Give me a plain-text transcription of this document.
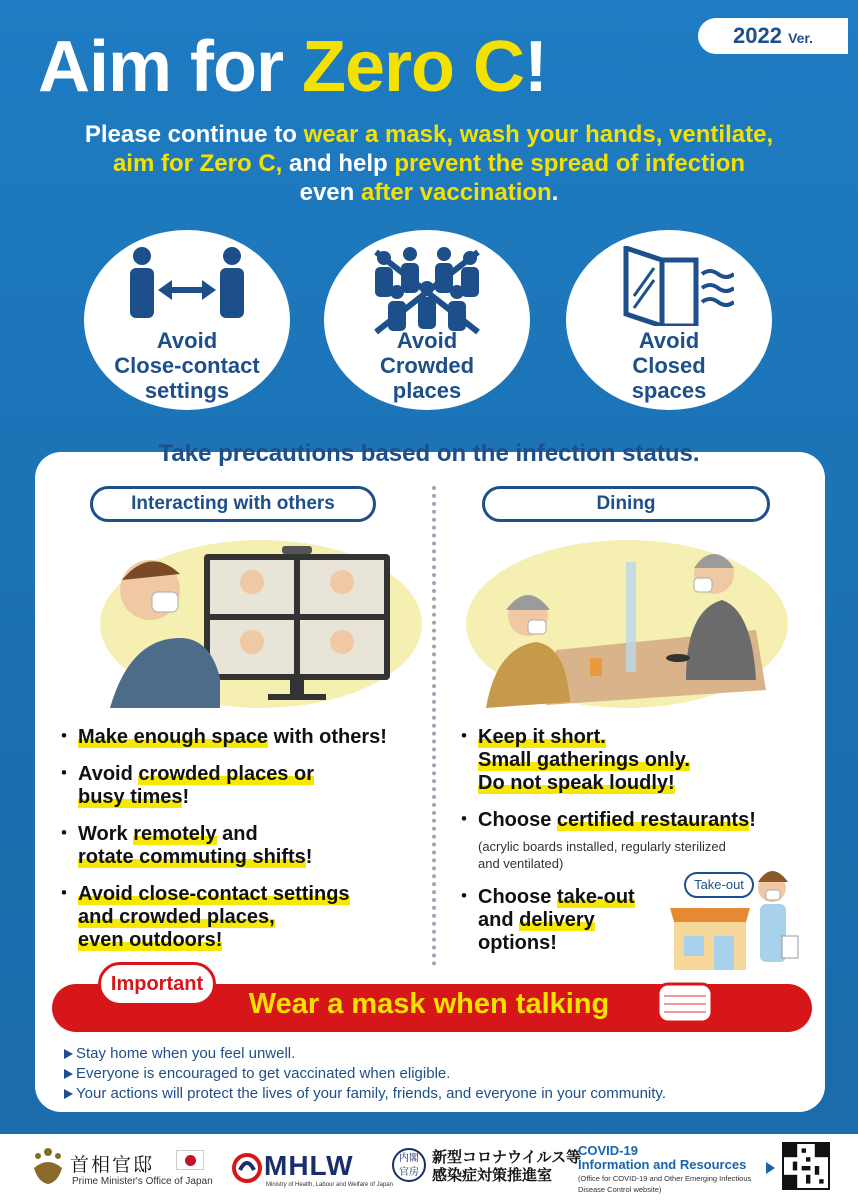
2022 Ver.
Aim for Zero C!
Please continue to wear a mask, wash your hands, ventilate,
aim for Zero C, and help prevent the spread of infection
even after vaccination.
Avoid
Close-contact
settings
Avoid
Crowded
places
Avoid
Closed
spaces
Take precautions based on the infection status.
Interacting with others	Dining
・ Make enough space with others!
・ Avoid crowded places or
busy times!
・ Work remotely and
rotate commuting shifts!
・ Avoid close-contact settings
and crowded places,
even outdoors!
・ Keep it short.
Small gatherings only.
Do not speak loudly!
・ Choose certified restaurants!
(acrylic boards installed, regularly sterilized
and ventilated)
・ Choose take-out
and delivery
options!
Take-out
Wear a mask when talking
Important
Stay home when you feel unwell.
Everyone is encouraged to get vaccinated when eligible.
Your actions will protect the lives of your family, friends, and everyone in your community.
首相官邸
Prime Minister's Office of Japan
MHLW
Ministry of Health, Labour and Welfare of Japan
内閣
官房
新型コロナウイルス等
感染症対策推進室
COVID-19
Information and Resources
(Office for COVID-19 and Other Emerging Infectious
Disease Control website)
